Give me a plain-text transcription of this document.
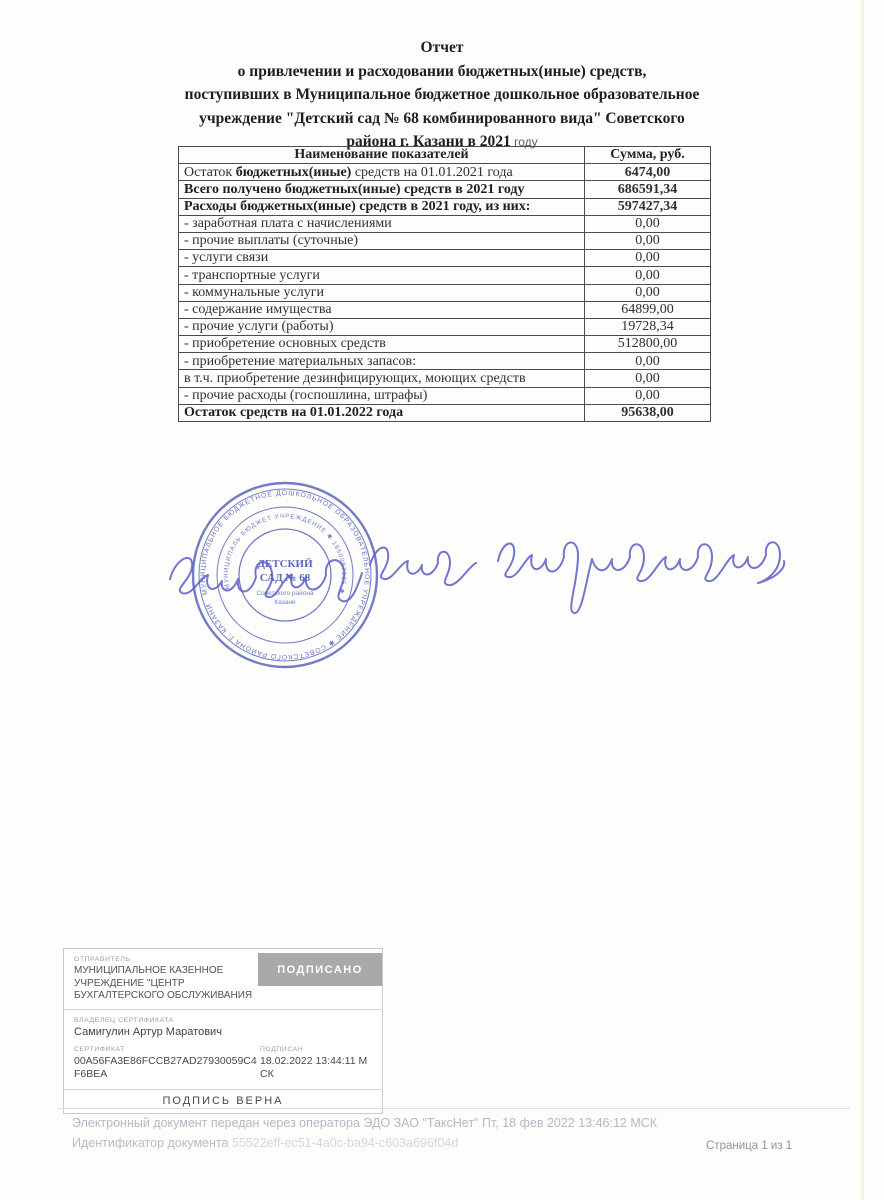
Отчет
о привлечении и расходовании бюджетных(иные) средств,
поступивших в Муниципальное бюджетное дошкольное образовательное
учреждение "Детский сад № 68 комбинированного вида" Советского
района г. Казани в 2021 году
Наименование показателей	Сумма, руб.
Остаток бюджетных(иные) средств на 01.01.2021 года	6474,00
Всего получено бюджетных(иные) средств в 2021 году	686591,34
Расходы бюджетных(иные) средств в 2021 году, из них:	597427,34
- заработная плата с начислениями	0,00
- прочие выплаты (суточные)	0,00
- услуги связи	0,00
- транспортные услуги	0,00
- коммунальные услуги	0,00
- содержание имущества	64899,00
- прочие услуги (работы)	19728,34
- приобретение основных средств	512800,00
- приобретение материальных запасов:	0,00
в т.ч. приобретение дезинфицирующих, моющих средств	0,00
- прочие расходы (госпошлина, штрафы)	0,00
Остаток средств на 01.01.2022 года	95638,00
МУНИЦИПАЛЬНОЕ БЮДЖЕТНОЕ ДОШКОЛЬНОЕ ОБРАЗОВАТЕЛЬНОЕ УЧРЕЖДЕНИЕ ✱ СОВЕТСКОГО РАЙОНА Г. КАЗАНИ
МУНИЦИПАЛЬ БЮДЖЕТ УЧРЕЖДЕНИЕ ✱ 1660087325 ✱
ДЕТСКИЙ
САД № 68
Советского района
Казани
ОТПРАВИТЕЛЬ
МУНИЦИПАЛЬНОЕ КАЗЕННОЕ УЧРЕЖДЕНИЕ "ЦЕНТР БУХГАЛТЕРСКОГО ОБСЛУЖИВАНИЯ
ПОДПИСАНО
ВЛАДЕЛЕЦ СЕРТИФИКАТА
Самигулин Артур Маратович
СЕРТИФИКАТ
00A56FA3E86FCCB27AD27930059C4F6BEA
ПОДПИСАН
18.02.2022 13:44:11 МСК
ПОДПИСЬ ВЕРНА
Электронный документ передан через оператора ЭДО ЗАО "ТаксНет" Пт, 18 фев 2022 13:46:12 МСК
Идентификатор документа 55522eff-ec51-4a0c-ba94-c603a696f04d	Страница 1 из 1
